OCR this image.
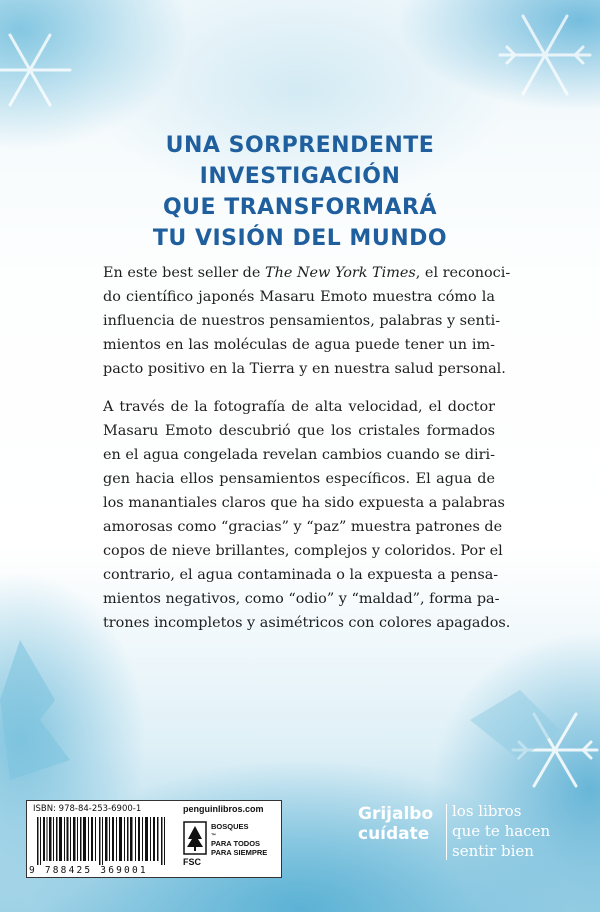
UNA SORPRENDENTE
INVESTIGACIÓN
QUE TRANSFORMARÁ
TU VISIÓN DEL MUNDO
En este best seller de The New York Times, el reconoci-
do científico japonés Masaru Emoto muestra cómo la
influencia de nuestros pensamientos, palabras y senti-
mientos en las moléculas de agua puede tener un im-
pacto positivo en la Tierra y en nuestra salud personal.
A través de la fotografía de alta velocidad, el doctor
Masaru Emoto descubrió que los cristales formados
en el agua congelada revelan cambios cuando se diri-
gen hacia ellos pensamientos específicos. El agua de
los manantiales claros que ha sido expuesta a palabras
amorosas como “gracias” y “paz” muestra patrones de
copos de nieve brillantes, complejos y coloridos. Por el
contrario, el agua contaminada o la expuesta a pensa-
mientos negativos, como “odio” y “maldad”, forma pa-
trones incompletos y asimétricos con colores apagados.
ISBN: 978-84-253-6900-1	penguinlibros.com
9 788425 369001
FSC
BOSQUES
™
PARA TODOS
PARA SIEMPRE
Grijalbo
cuídate
los libros
que te hacen
sentir bien
